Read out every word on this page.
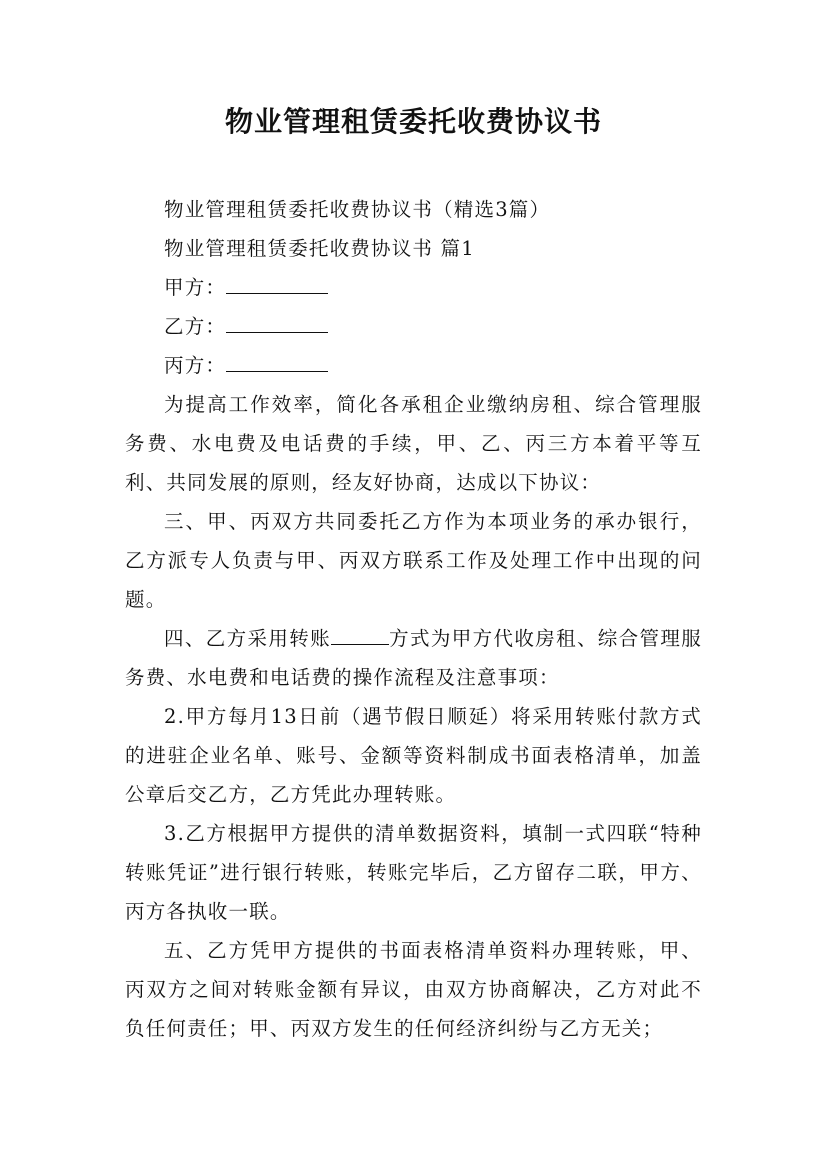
物业管理租赁委托收费协议书

物业管理租赁委托收费协议书（精选3篇）

物业管理租赁委托收费协议书 篇1

甲方：

乙方：

丙方：

为提高工作效率，简化各承租企业缴纳房租、综合管理服务费、水电费及电话费的手续，甲、乙、丙三方本着平等互利、共同发展的原则，经友好协商，达成以下协议：

三、甲、丙双方共同委托乙方作为本项业务的承办银行，乙方派专人负责与甲、丙双方联系工作及处理工作中出现的问题。

四、乙方采用转账	方式为甲方代收房租、综合管理服务费、水电费和电话费的操作流程及注意事项：

2.甲方每月13日前（遇节假日顺延）将采用转账付款方式的进驻企业名单、账号、金额等资料制成书面表格清单，加盖公章后交乙方，乙方凭此办理转账。

3.乙方根据甲方提供的清单数据资料，填制一式四联“特种转账凭证”进行银行转账，转账完毕后，乙方留存二联，甲方、丙方各执收一联。

五、乙方凭甲方提供的书面表格清单资料办理转账，甲、丙双方之间对转账金额有异议，由双方协商解决，乙方对此不负任何责任；甲、丙双方发生的任何经济纠纷与乙方无关；
